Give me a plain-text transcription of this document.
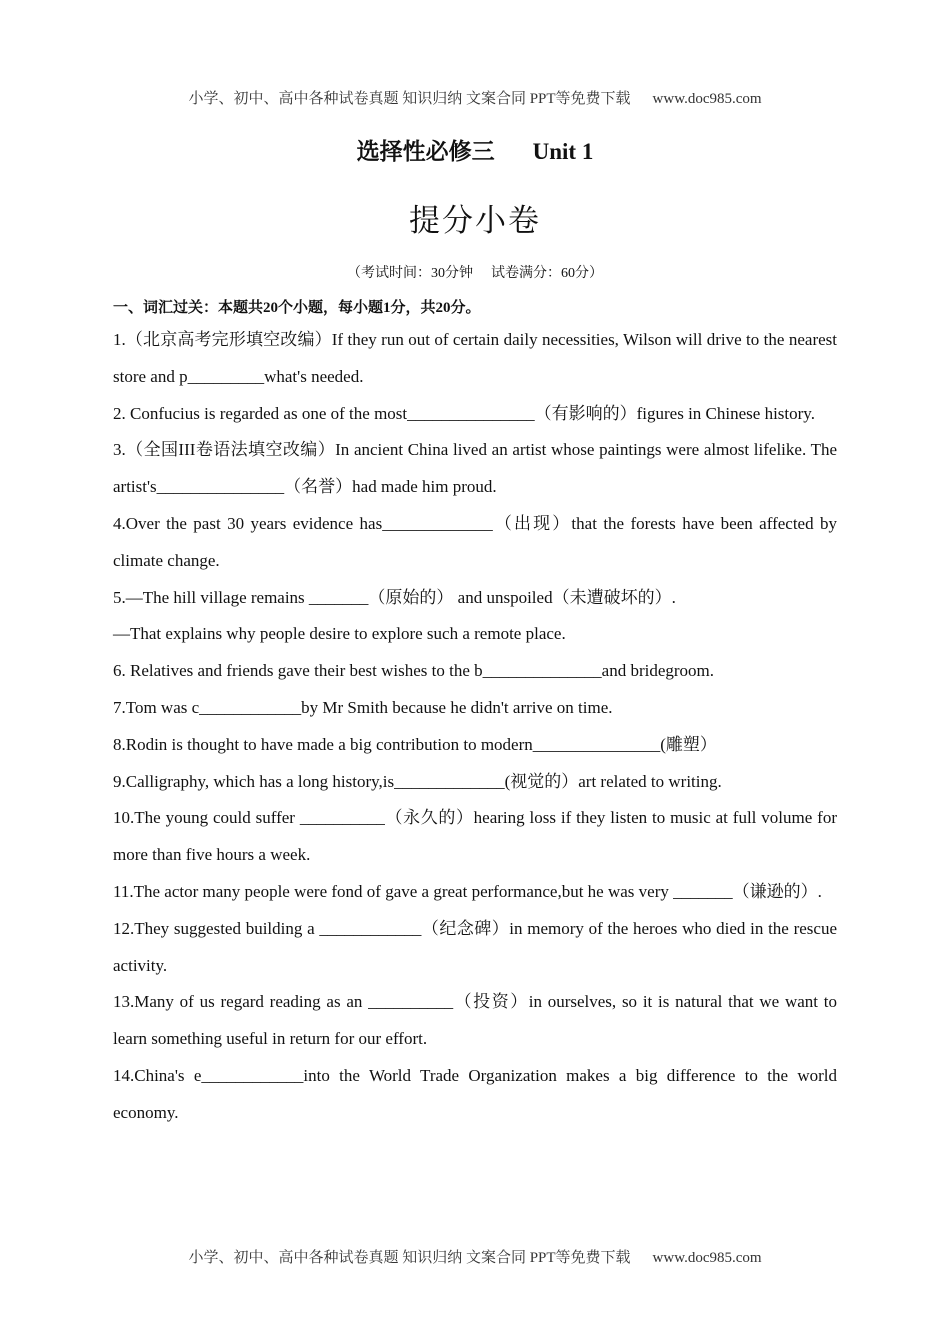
小学、初中、高中各种试卷真题 知识归纳 文案合同 PPT等免费下载 www.doc985.com
选择性必修三 Unit 1
提分小卷
（考试时间：30分钟 试卷满分：60分）
一、词汇过关：本题共20个小题，每小题1分，共20分。

1.（北京高考完形填空改编）If they run out of certain daily necessities, Wilson will drive to the nearest store and p_________what's needed.

2. Confucius is regarded as one of the most_______________（有影响的）figures in Chinese history.

3.（全国III卷语法填空改编）In ancient China lived an artist whose paintings were almost lifelike. The artist's_______________（名誉）had made him proud.

4.Over the past 30 years evidence has_____________（出现）that the forests have been affected by climate change.

5.—The hill village remains _______（原始的） and unspoiled（未遭破坏的）.

—That explains why people desire to explore such a remote place.

6. Relatives and friends gave their best wishes to the b______________and bridegroom.

7.Tom was c____________by Mr Smith because he didn't arrive on time.

8.Rodin is thought to have made a big contribution to modern_______________(雕塑）

9.Calligraphy, which has a long history,is_____________(视觉的）art related to writing.

10.The young could suffer __________（永久的）hearing loss if they listen to music at full volume for more than five hours a week.

11.The actor many people were fond of gave a great performance,but he was very _______（谦逊的）.

12.They suggested building a ____________（纪念碑）in memory of the heroes who died in the rescue activity.

13.Many of us regard reading as an __________（投资）in ourselves, so it is natural that we want to learn something useful in return for our effort.

14.China's e____________into the World Trade Organization makes a big difference to the world economy.

小学、初中、高中各种试卷真题 知识归纳 文案合同 PPT等免费下载 www.doc985.com
